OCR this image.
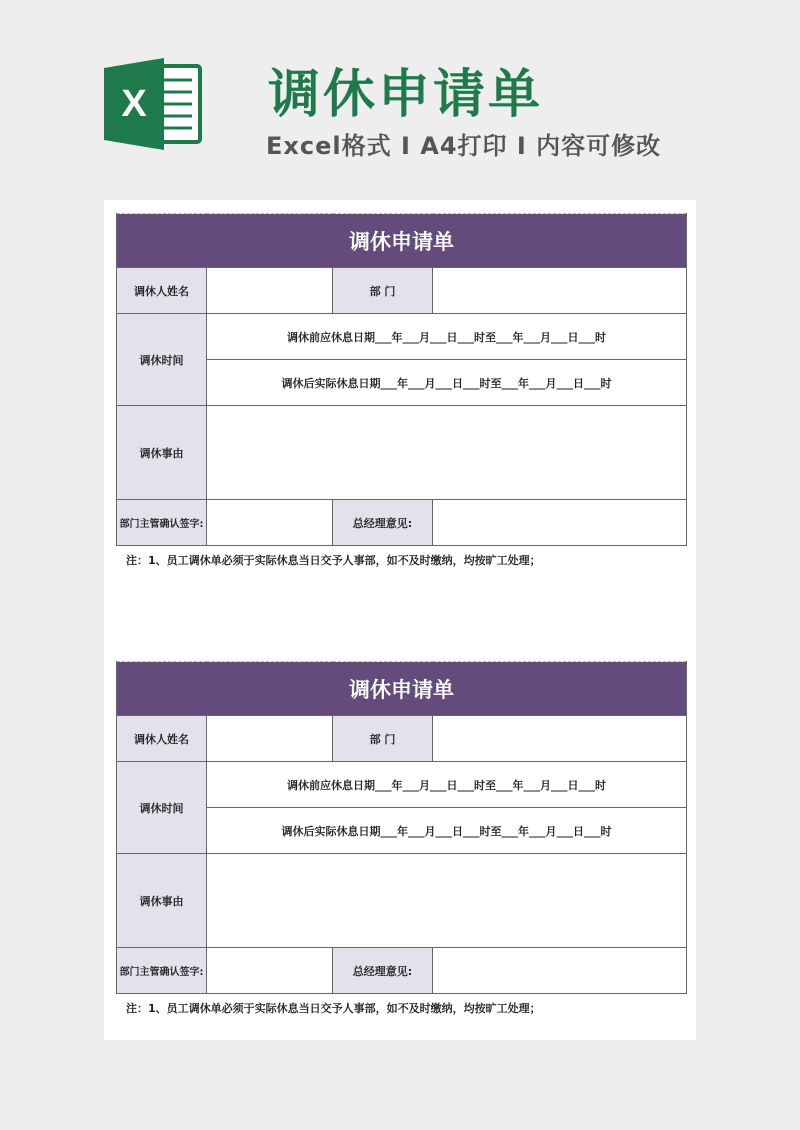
X 调休申请单
Excel格式 I A4打印 I 内容可修改
调休申请单			
调休人姓名		部 门	
调休时间	调休前应休息日期___年___月___日___时至___年___月___日___时		
	调休后实际休息日期___年___月___日___时至___年___月___日___时		
调休事由			
部门主管确认签字:		总经理意见:	
注：1、员工调休单必须于实际休息当日交予人事部，如不及时缴纳，均按旷工处理；
调休申请单			
调休人姓名		部 门	
调休时间	调休前应休息日期___年___月___日___时至___年___月___日___时		
	调休后实际休息日期___年___月___日___时至___年___月___日___时		
调休事由			
部门主管确认签字:		总经理意见:	
注：1、员工调休单必须于实际休息当日交予人事部，如不及时缴纳，均按旷工处理；
